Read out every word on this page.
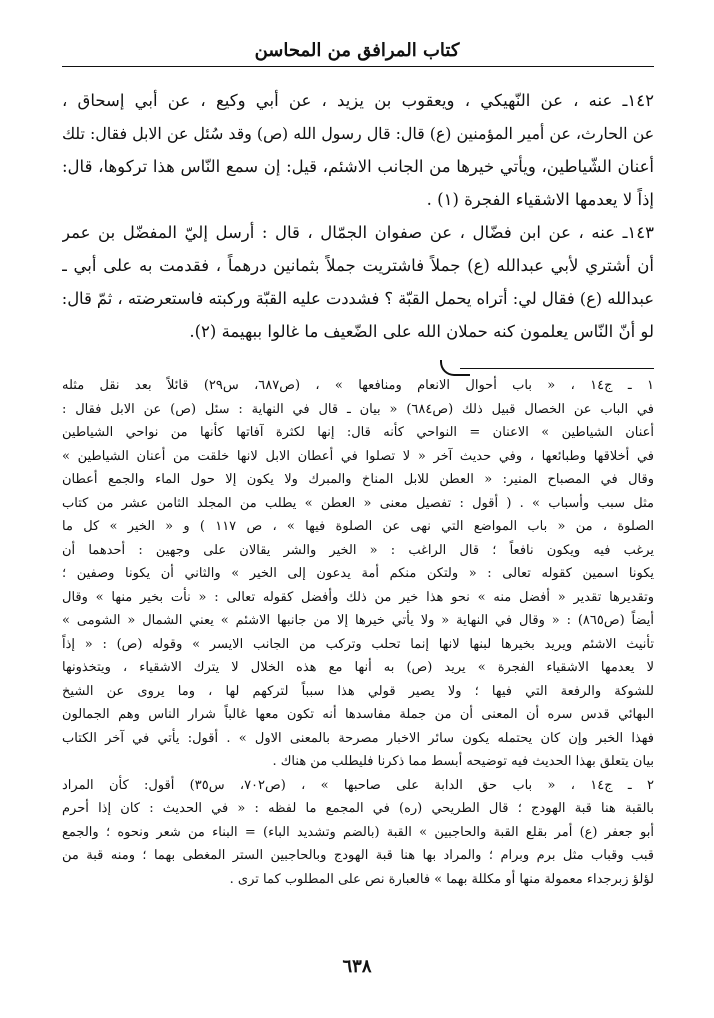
كتاب المرافق من المحاسن
١٤٢ـ عنه ، عن النّهيكي ، ويعقوب بن يزيد ، عن أبي وكيع ، عن أبي إسحاق ،
عن الحارث، عن أمير المؤمنين (ع) قال: قال رسول الله (ص) وقد سُئل عن الابل فقال: تلك
أعنان الشّياطين، ويأتي خيرها من الجانب الاشئم، قيل: إن سمع النّاس هذا تركوها، قال:
إذاً لا يعدمها الاشقياء الفجرة (١) .
١٤٣ـ عنه ، عن ابن فضّال ، عن صفوان الجمّال ، قال : أرسل إليّ المفضّل بن عمر
أن أشتري لأبي عبدالله (ع) جملاً فاشتريت جملاً بثمانين درهماً ، فقدمت به على أبي ـ
عبدالله (ع) فقال لي: أتراه يحمل القبّة ؟ فشددت عليه القبّة وركبته فاستعرضته ، ثمّ قال:
لو أنّ النّاس يعلمون كنه حملان الله على الضّعيف ما غالوا ببهيمة (٢).
١ ـ ج١٤ ، « باب أحوال الانعام ومنافعها » ، (ص٦٨٧، س٢٩) قائلاً بعد نقل مثله
في الباب عن الخصال قبيل ذلك (ص٦٨٤) « بيان ـ قال في النهاية : سئل (ص) عن الابل فقال :
أعنان الشياطين » الاعنان = النواحي كأنه قال: إنها لكثرة آفاتها كأنها من نواحي الشياطين
في أخلاقها وطبائعها ، وفي حديث آخر « لا تصلوا في أعطان الابل لانها خلقت من أعنان الشياطين »
وقال في المصباح المنير: « العطن للابل المناخ والمبرك ولا يكون إلا حول الماء والجمع أعطان
مثل سبب وأسباب » . ( أقول : تفصيل معنى « العطن » يطلب من المجلد الثامن عشر من كتاب
الصلوة ، من « باب المواضع التي نهى عن الصلوة فيها » ، ص ١١٧ ) و « الخير » كل ما
يرغب فيه ويكون نافعاً ؛ قال الراغب : « الخير والشر يقالان على وجهين : أحدهما أن
يكونا اسمين كقوله تعالى : « ولتكن منكم أمة يدعون إلى الخير » والثاني أن يكونا وصفين ؛
وتقديرها تقدير « أفضل منه » نحو هذا خير من ذلك وأفضل كقوله تعالى : « نأت بخير منها » وقال
أيضاً (ص٨٦٥) : « وقال في النهاية « ولا يأتي خيرها إلا من جانبها الاشئم » يعني الشمال « الشومى »
تأنيث الاشئم ويريد بخيرها لبنها لانها إنما تحلب وتركب من الجانب الايسر » وقوله (ص) : « إذاً
لا يعدمها الاشقياء الفجرة » يريد (ص) به أنها مع هذه الخلال لا يترك الاشقياء ، ويتخذونها
للشوكة والرفعة التي فيها ؛ ولا يصير قولي هذا سبباً لتركهم لها ، وما يروى عن الشيخ
البهائي قدس سره أن المعنى أن من جملة مفاسدها أنه تكون معها غالباً شرار الناس وهم الجمالون
فهذا الخبر وإن كان يحتمله يكون سائر الاخبار مصرحة بالمعنى الاول » . أقول: يأتي في آخر الكتاب
بيان يتعلق بهذا الحديث فيه توضيحه أبسط مما ذكرنا فليطلب من هناك .
٢ ـ ج١٤ ، « باب حق الدابة على صاحبها » ، (ص٧٠٢، س٣٥) أقول: كأن المراد
بالقبة هنا قبة الهودج ؛ قال الطريحي (ره) في المجمع ما لفظه : « في الحديث : كان إذا أحرم
أبو جعفر (ع) أمر بقلع القبة والحاجبين » القبة (بالضم وتشديد الباء) = البناء من شعر ونحوه ؛ والجمع
قبب وقباب مثل برم وبرام ؛ والمراد بها هنا قبة الهودج وبالحاجبين الستر المغطى بهما ؛ ومنه قبة من
لؤلؤ زبرجداء معمولة منها أو مكللة بهما » فالعبارة نص على المطلوب كما ترى .
٦٣٨
